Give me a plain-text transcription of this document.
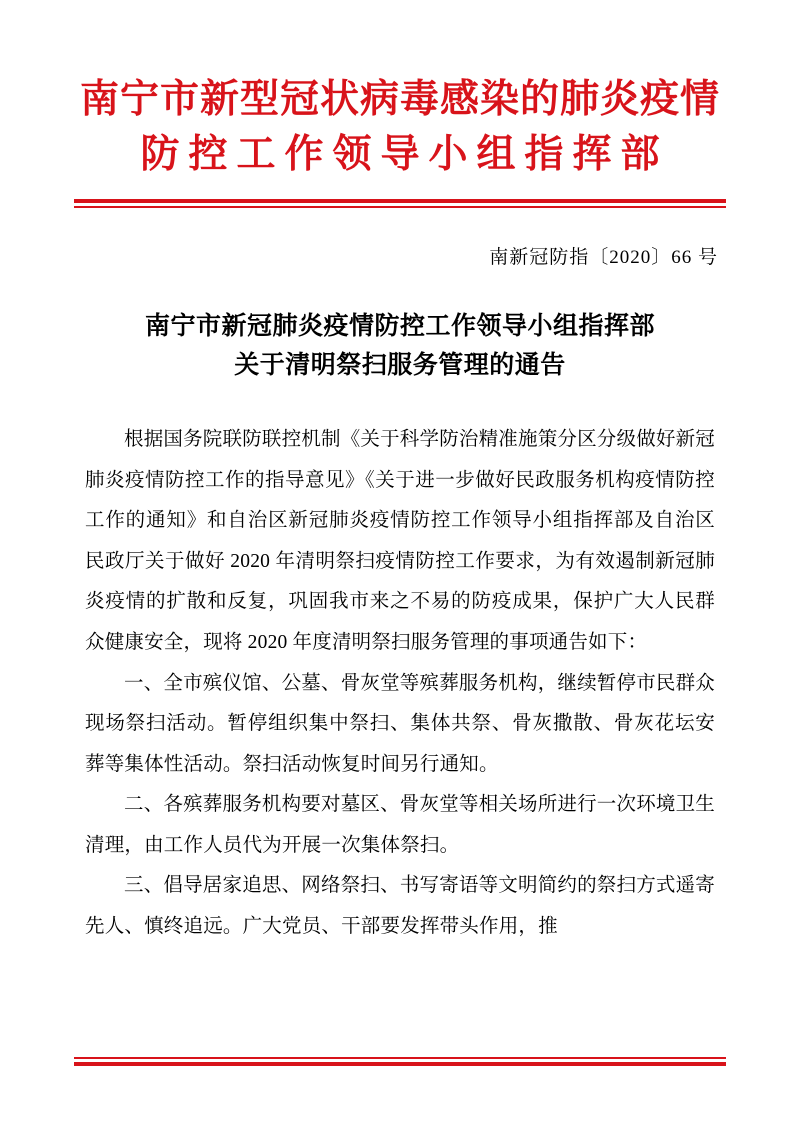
南宁市新型冠状病毒感染的肺炎疫情
防控工作领导小组指挥部
南新冠防指〔2020〕66 号
南宁市新冠肺炎疫情防控工作领导小组指挥部
关于清明祭扫服务管理的通告

根据国务院联防联控机制《关于科学防治精准施策分区分级做好新冠肺炎疫情防控工作的指导意见》《关于进一步做好民政服务机构疫情防控工作的通知》和自治区新冠肺炎疫情防控工作领导小组指挥部及自治区民政厅关于做好 2020 年清明祭扫疫情防控工作要求，为有效遏制新冠肺炎疫情的扩散和反复，巩固我市来之不易的防疫成果，保护广大人民群众健康安全，现将 2020 年度清明祭扫服务管理的事项通告如下：

一、全市殡仪馆、公墓、骨灰堂等殡葬服务机构，继续暂停市民群众现场祭扫活动。暂停组织集中祭扫、集体共祭、骨灰撒散、骨灰花坛安葬等集体性活动。祭扫活动恢复时间另行通知。

二、各殡葬服务机构要对墓区、骨灰堂等相关场所进行一次环境卫生清理，由工作人员代为开展一次集体祭扫。

三、倡导居家追思、网络祭扫、书写寄语等文明简约的祭扫方式遥寄先人、慎终追远。广大党员、干部要发挥带头作用，推
